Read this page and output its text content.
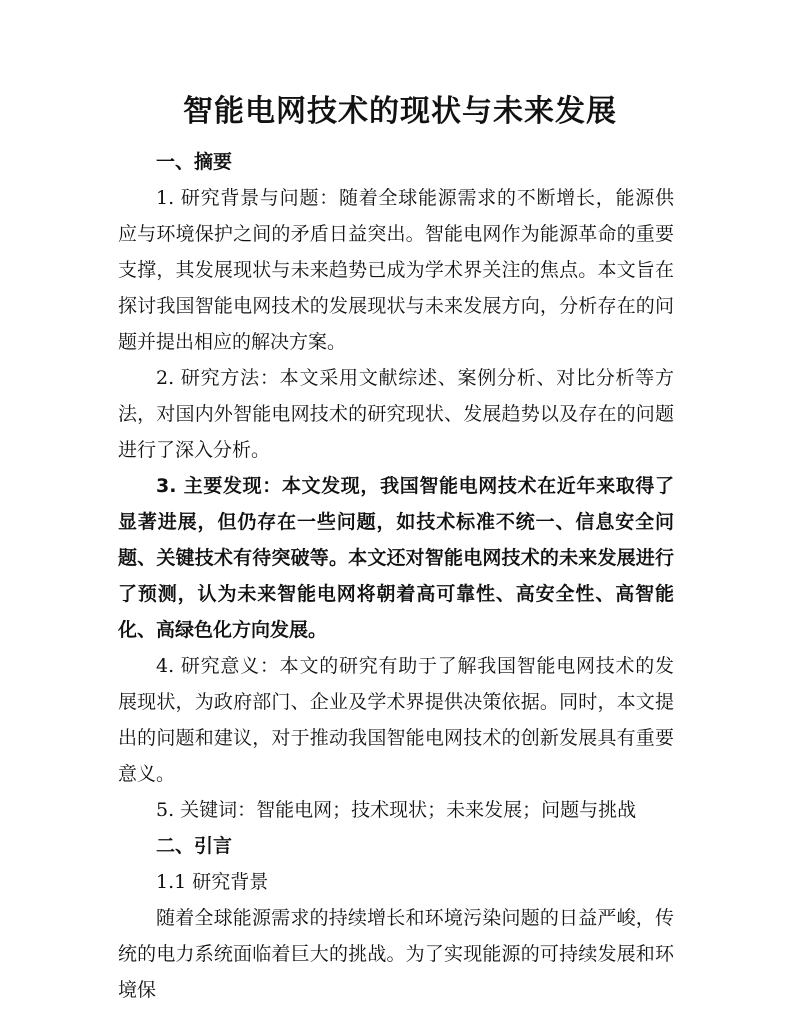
智能电网技术的现状与未来发展

一、摘要

1. 研究背景与问题：随着全球能源需求的不断增长，能源供应与环境保护之间的矛盾日益突出。智能电网作为能源革命的重要支撑，其发展现状与未来趋势已成为学术界关注的焦点。本文旨在探讨我国智能电网技术的发展现状与未来发展方向，分析存在的问题并提出相应的解决方案。

2. 研究方法：本文采用文献综述、案例分析、对比分析等方法，对国内外智能电网技术的研究现状、发展趋势以及存在的问题进行了深入分析。

3. 主要发现：本文发现，我国智能电网技术在近年来取得了显著进展，但仍存在一些问题，如技术标准不统一、信息安全问题、关键技术有待突破等。本文还对智能电网技术的未来发展进行了预测，认为未来智能电网将朝着高可靠性、高安全性、高智能化、高绿色化方向发展。

4. 研究意义：本文的研究有助于了解我国智能电网技术的发展现状，为政府部门、企业及学术界提供决策依据。同时，本文提出的问题和建议，对于推动我国智能电网技术的创新发展具有重要意义。

5. 关键词：智能电网；技术现状；未来发展；问题与挑战

二、引言

1.1 研究背景

随着全球能源需求的持续增长和环境污染问题的日益严峻，传统的电力系统面临着巨大的挑战。为了实现能源的可持续发展和环境保
